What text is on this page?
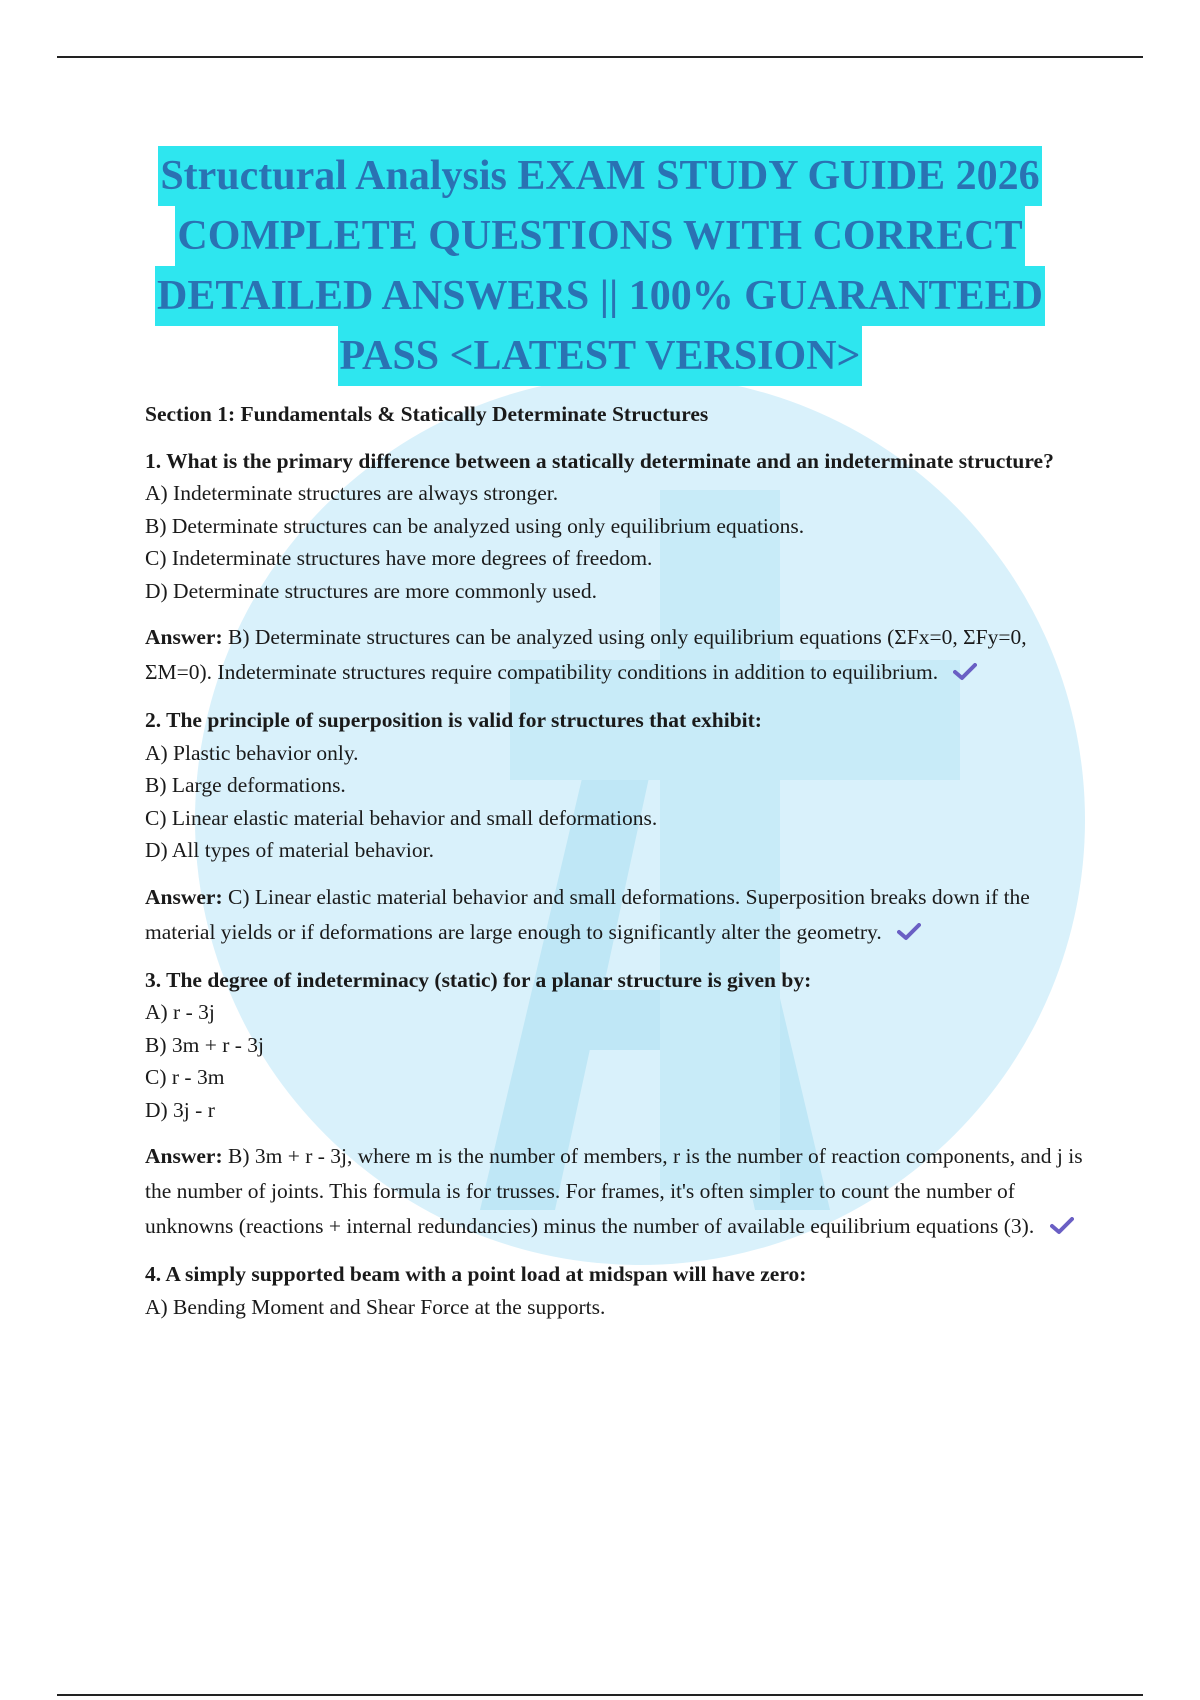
Structural Analysis EXAM STUDY GUIDE 2026
COMPLETE QUESTIONS WITH CORRECT
DETAILED ANSWERS || 100% GUARANTEED
PASS <LATEST VERSION>
Section 1: Fundamentals & Statically Determinate Structures
1. What is the primary difference between a statically determinate and an indeterminate structure?
A) Indeterminate structures are always stronger.
B) Determinate structures can be analyzed using only equilibrium equations.
C) Indeterminate structures have more degrees of freedom.
D) Determinate structures are more commonly used.
Answer: B) Determinate structures can be analyzed using only equilibrium equations (ΣFx=0, ΣFy=0, ΣM=0). Indeterminate structures require compatibility conditions in addition to equilibrium.
2. The principle of superposition is valid for structures that exhibit:
A) Plastic behavior only.
B) Large deformations.
C) Linear elastic material behavior and small deformations.
D) All types of material behavior.
Answer: C) Linear elastic material behavior and small deformations. Superposition breaks down if the material yields or if deformations are large enough to significantly alter the geometry.
3. The degree of indeterminacy (static) for a planar structure is given by:
A) r - 3j
B) 3m + r - 3j
C) r - 3m
D) 3j - r
Answer: B) 3m + r - 3j, where m is the number of members, r is the number of reaction components, and j is the number of joints. This formula is for trusses. For frames, it's often simpler to count the number of unknowns (reactions + internal redundancies) minus the number of available equilibrium equations (3).
4. A simply supported beam with a point load at midspan will have zero:
A) Bending Moment and Shear Force at the supports.
